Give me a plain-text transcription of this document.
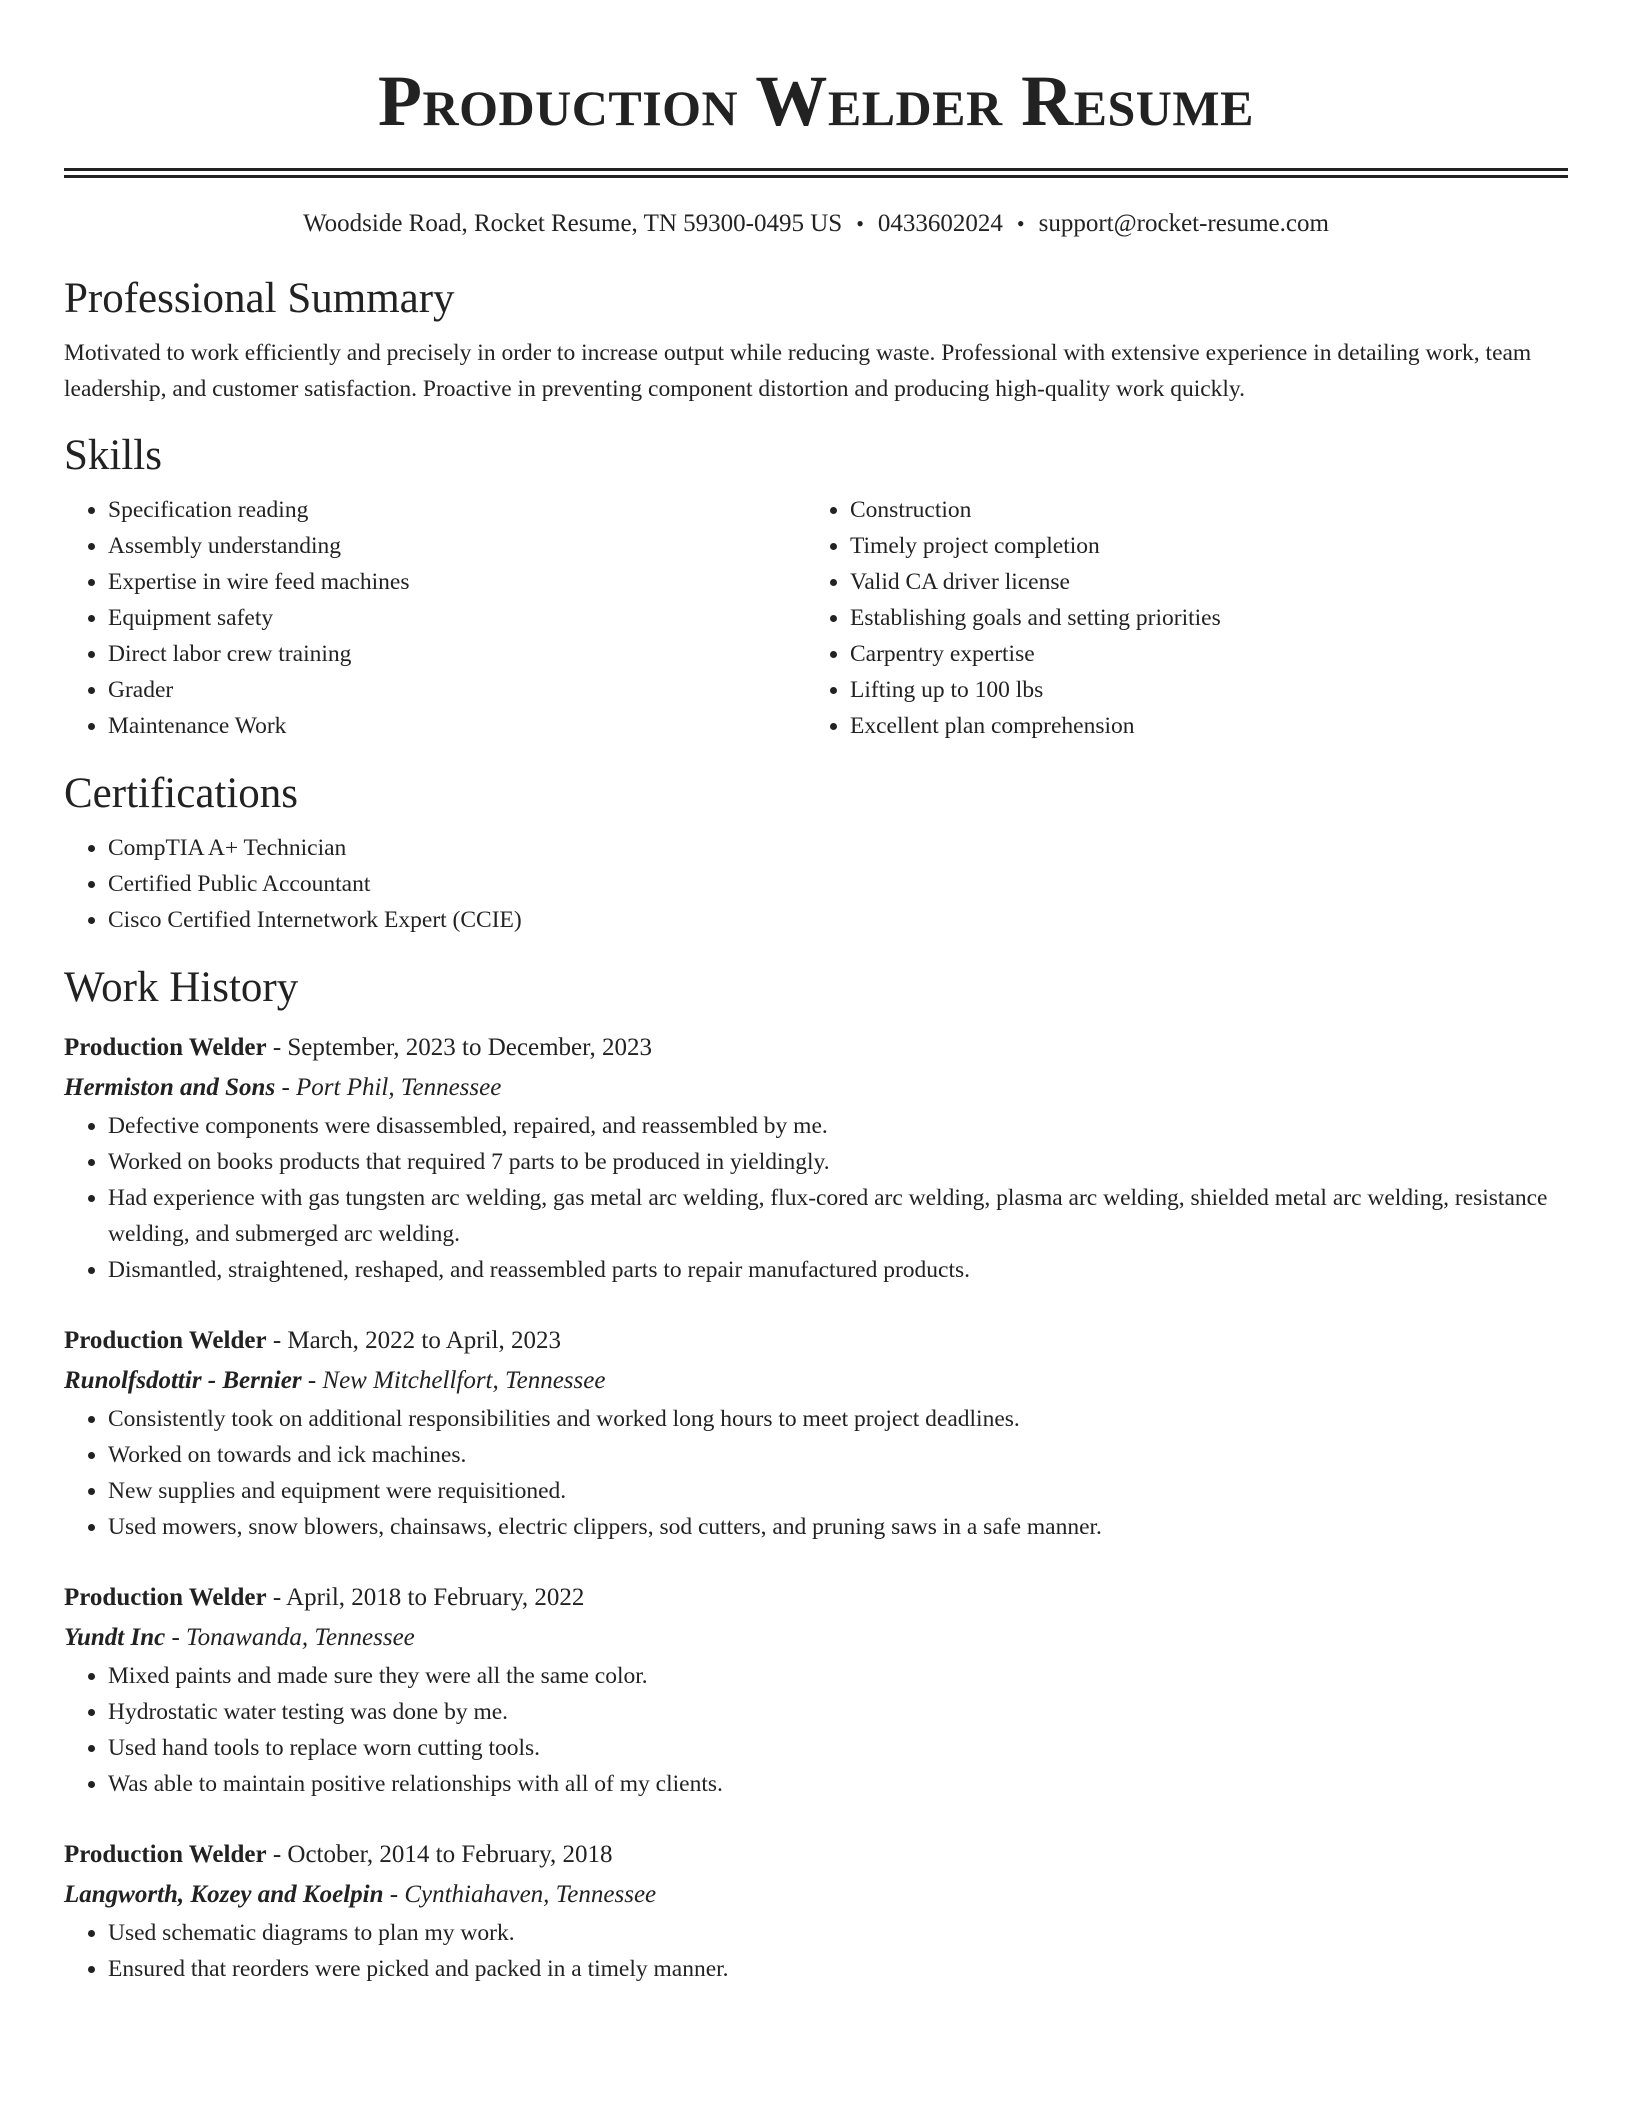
Production Welder Resume
Woodside Road, Rocket Resume, TN 59300-0495 US • 0433602024 • support@rocket-resume.com
Professional Summary

Motivated to work efficiently and precisely in order to increase output while reducing waste. Professional with extensive experience in detailing work, team leadership, and customer satisfaction. Proactive in preventing component distortion and producing high-quality work quickly.

Skills
• Specification reading
• Assembly understanding
• Expertise in wire feed machines
• Equipment safety
• Direct labor crew training
• Grader
• Maintenance Work
• Construction
• Timely project completion
• Valid CA driver license
• Establishing goals and setting priorities
• Carpentry expertise
• Lifting up to 100 lbs
• Excellent plan comprehension
Certifications
• CompTIA A+ Technician
• Certified Public Accountant
• Cisco Certified Internetwork Expert (CCIE)
Work History
Production Welder - September, 2023 to December, 2023
Hermiston and Sons - Port Phil, Tennessee
• Defective components were disassembled, repaired, and reassembled by me.
• Worked on books products that required 7 parts to be produced in yieldingly.
• Had experience with gas tungsten arc welding, gas metal arc welding, flux-cored arc welding, plasma arc welding, shielded metal arc welding, resistance welding, and submerged arc welding.
• Dismantled, straightened, reshaped, and reassembled parts to repair manufactured products.
Production Welder - March, 2022 to April, 2023
Runolfsdottir - Bernier - New Mitchellfort, Tennessee
• Consistently took on additional responsibilities and worked long hours to meet project deadlines.
• Worked on towards and ick machines.
• New supplies and equipment were requisitioned.
• Used mowers, snow blowers, chainsaws, electric clippers, sod cutters, and pruning saws in a safe manner.
Production Welder - April, 2018 to February, 2022
Yundt Inc - Tonawanda, Tennessee
• Mixed paints and made sure they were all the same color.
• Hydrostatic water testing was done by me.
• Used hand tools to replace worn cutting tools.
• Was able to maintain positive relationships with all of my clients.
Production Welder - October, 2014 to February, 2018
Langworth, Kozey and Koelpin - Cynthiahaven, Tennessee
• Used schematic diagrams to plan my work.
• Ensured that reorders were picked and packed in a timely manner.
